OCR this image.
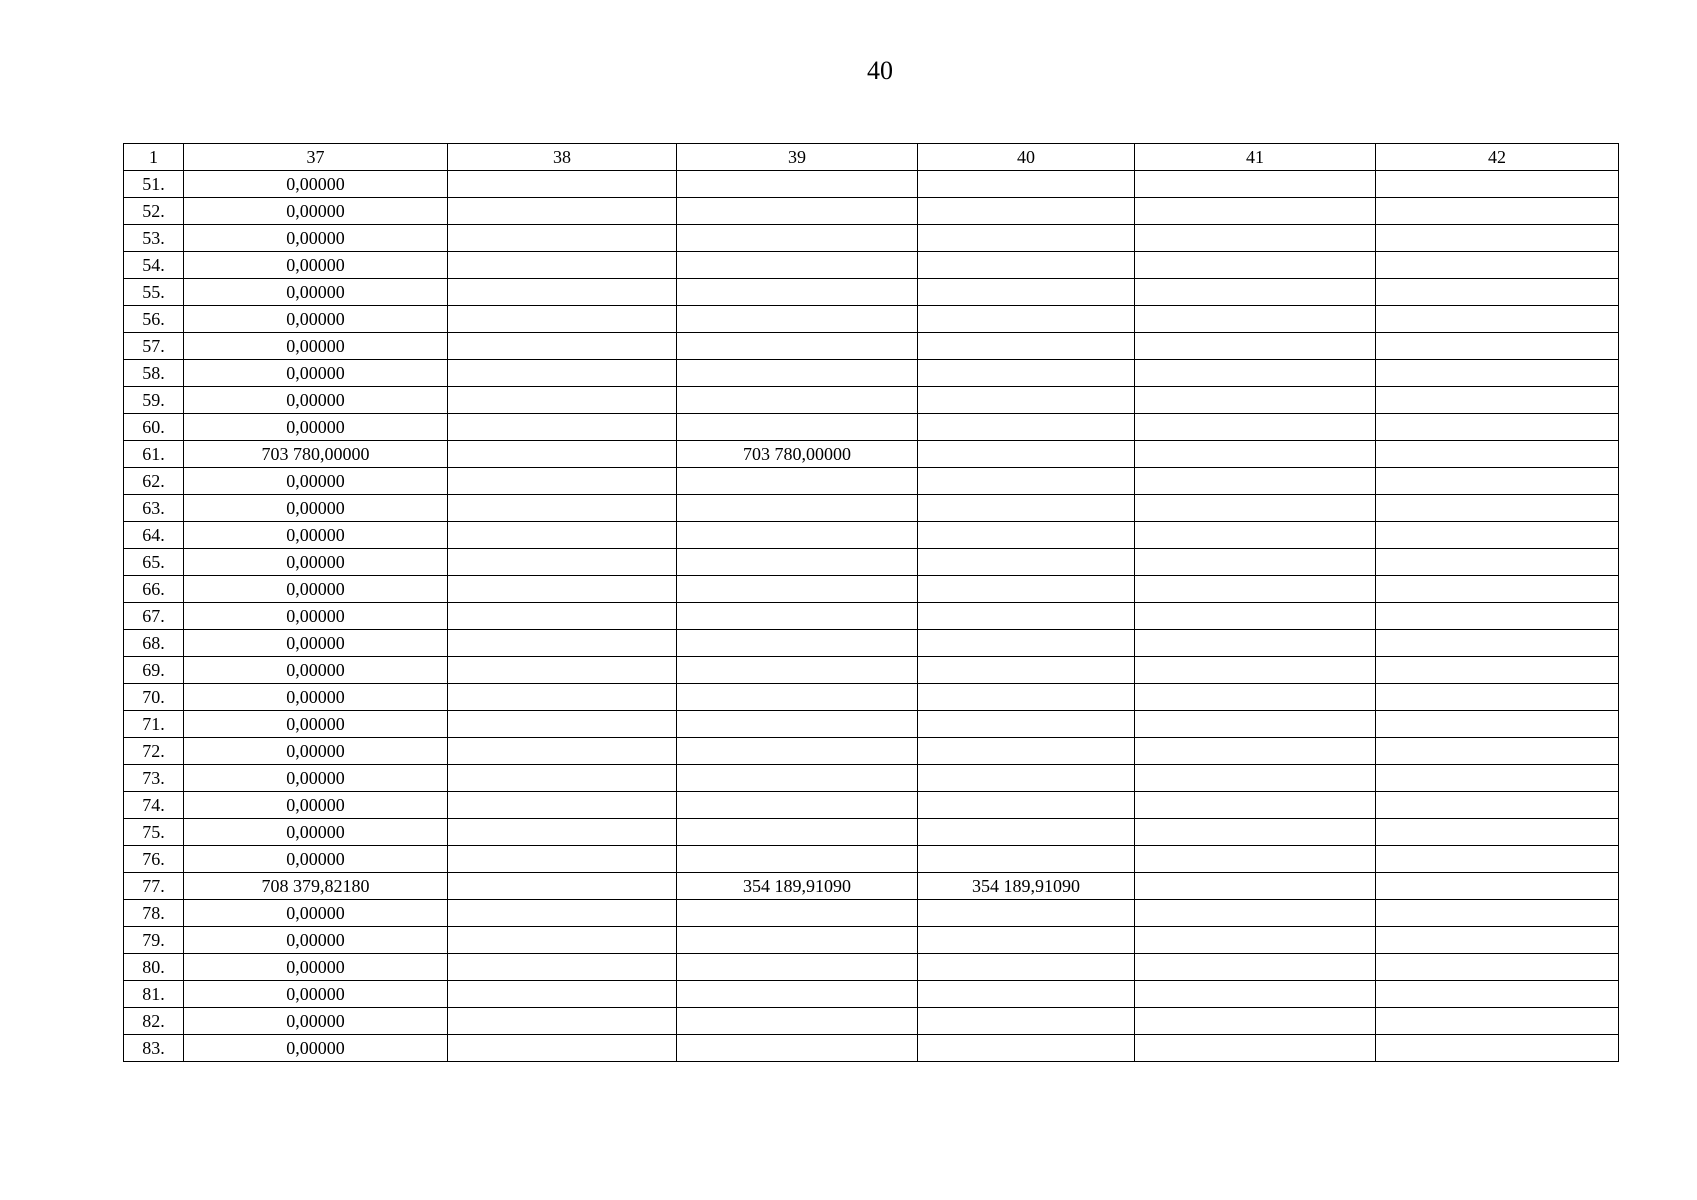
40
1	37	38	39	40	41	42
51.	0,00000					
52.	0,00000					
53.	0,00000					
54.	0,00000					
55.	0,00000					
56.	0,00000					
57.	0,00000					
58.	0,00000					
59.	0,00000					
60.	0,00000					
61.	703 780,00000		703 780,00000			
62.	0,00000					
63.	0,00000					
64.	0,00000					
65.	0,00000					
66.	0,00000					
67.	0,00000					
68.	0,00000					
69.	0,00000					
70.	0,00000					
71.	0,00000					
72.	0,00000					
73.	0,00000					
74.	0,00000					
75.	0,00000					
76.	0,00000					
77.	708 379,82180		354 189,91090	354 189,91090		
78.	0,00000					
79.	0,00000					
80.	0,00000					
81.	0,00000					
82.	0,00000					
83.	0,00000					
